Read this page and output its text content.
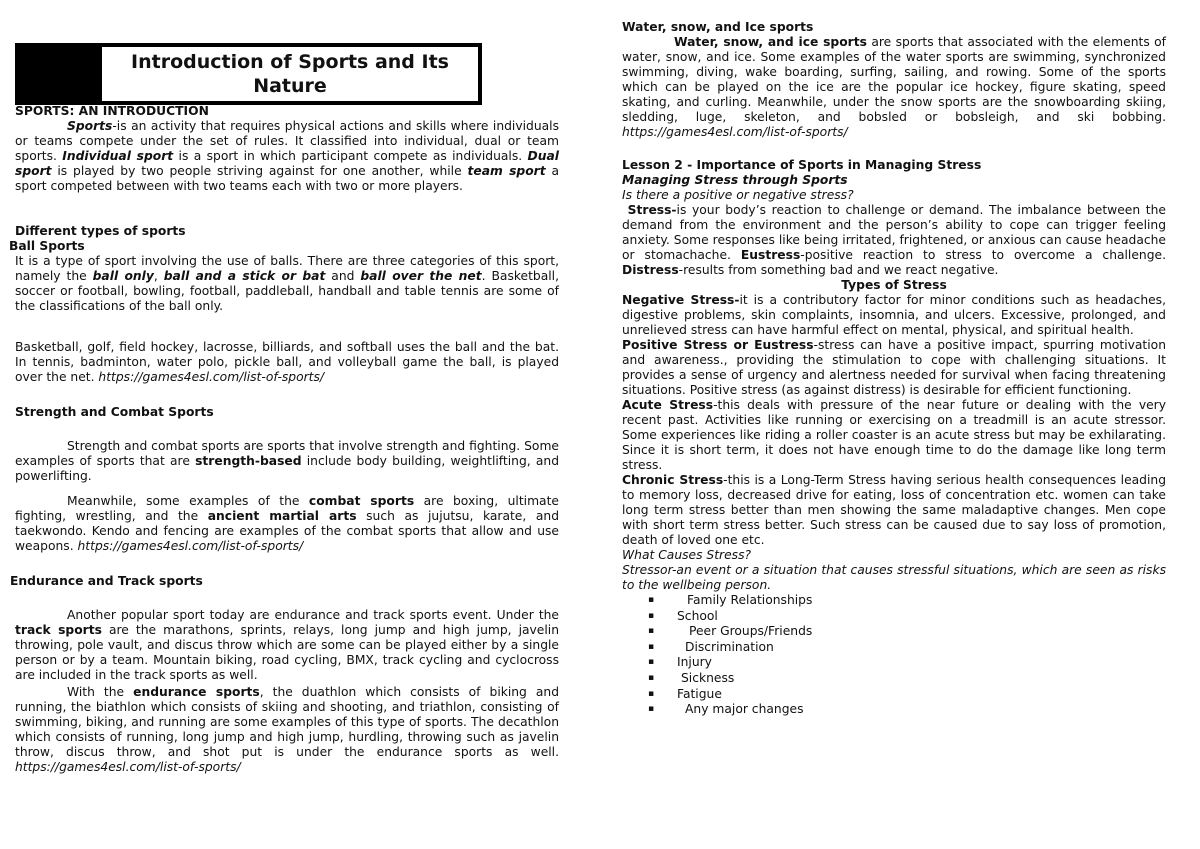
Introduction of Sports and Its Nature
SPORTS: AN INTRODUCTION

Sports-is an activity that requires physical actions and skills where individuals or teams compete under the set of rules. It classified into individual, dual or team sports. Individual sport is a sport in which participant compete as individuals. Dual sport is played by two people striving against for one another, while team sport a sport competed between with two teams each with two or more players.

Different types of sports
Ball Sports

It is a type of sport involving the use of balls. There are three categories of this sport, namely the ball only, ball and a stick or bat and ball over the net. Basketball, soccer or football, bowling, football, paddleball, handball and table tennis are some of the classifications of the ball only.

Basketball, golf, field hockey, lacrosse, billiards, and softball uses the ball and the bat. In tennis, badminton, water polo, pickle ball, and volleyball game the ball, is played over the net. https://games4esl.com/list-of-sports/

Strength and Combat Sports

Strength and combat sports are sports that involve strength and fighting. Some examples of sports that are strength-based include body building, weightlifting, and powerlifting.

Meanwhile, some examples of the combat sports are boxing, ultimate fighting, wrestling, and the ancient martial arts such as jujutsu, karate, and taekwondo. Kendo and fencing are examples of the combat sports that allow and use weapons. https://games4esl.com/list-of-sports/

Endurance and Track sports

Another popular sport today are endurance and track sports event. Under the track sports are the marathons, sprints, relays, long jump and high jump, javelin throwing, pole vault, and discus throw which are some can be played either by a single person or by a team. Mountain biking, road cycling, BMX, track cycling and cyclocross are included in the track sports as well.

With the endurance sports, the duathlon which consists of biking and running, the biathlon which consists of skiing and shooting, and triathlon, consisting of swimming, biking, and running are some examples of this type of sports. The decathlon which consists of running, long jump and high jump, hurdling, throwing such as javelin throw, discus throw, and shot put is under the endurance sports as well. https://games4esl.com/list-of-sports/

Water, snow, and Ice sports

Water, snow, and ice sports are sports that associated with the elements of water, snow, and ice. Some examples of the water sports are swimming, synchronized swimming, diving, wake boarding, surfing, sailing, and rowing. Some of the sports which can be played on the ice are the popular ice hockey, figure skating, speed skating, and curling. Meanwhile, under the snow sports are the snowboarding skiing, sledding, luge, skeleton, and bobsled or bobsleigh, and ski bobbing. https://games4esl.com/list-of-sports/

Lesson 2 - Importance of Sports in Managing Stress
Managing Stress through Sports
Is there a positive or negative stress?

Stress-is your body’s reaction to challenge or demand. The imbalance between the demand from the environment and the person’s ability to cope can trigger feeling anxiety. Some responses like being irritated, frightened, or anxious can cause headache or stomachache. Eustress-positive reaction to stress to overcome a challenge. Distress-results from something bad and we react negative.

Types of Stress

Negative Stress-it is a contributory factor for minor conditions such as headaches, digestive problems, skin complaints, insomnia, and ulcers. Excessive, prolonged, and unrelieved stress can have harmful effect on mental, physical, and spiritual health.

Positive Stress or Eustress-stress can have a positive impact, spurring motivation and awareness., providing the stimulation to cope with challenging situations. It provides a sense of urgency and alertness needed for survival when facing threatening situations. Positive stress (as against distress) is desirable for efficient functioning.

Acute Stress-this deals with pressure of the near future or dealing with the very recent past. Activities like running or exercising on a treadmill is an acute stressor. Some experiences like riding a roller coaster is an acute stress but may be exhilarating. Since it is short term, it does not have enough time to do the damage like long term stress.

Chronic Stress-this is a Long-Term Stress having serious health consequences leading to memory loss, decreased drive for eating, loss of concentration etc. women can take long term stress better than men showing the same maladaptive changes. Men cope with short term stress better. Such stress can be caused due to say loss of promotion, death of loved one etc.

What Causes Stress?

Stressor-an event or a situation that causes stressful situations, which are seen as risks to the wellbeing person.

▪	Family Relationships
▪ School
▪	Peer Groups/Friends
▪	Discrimination
▪ Injury
▪ Sickness
▪ Fatigue
▪	Any major changes
